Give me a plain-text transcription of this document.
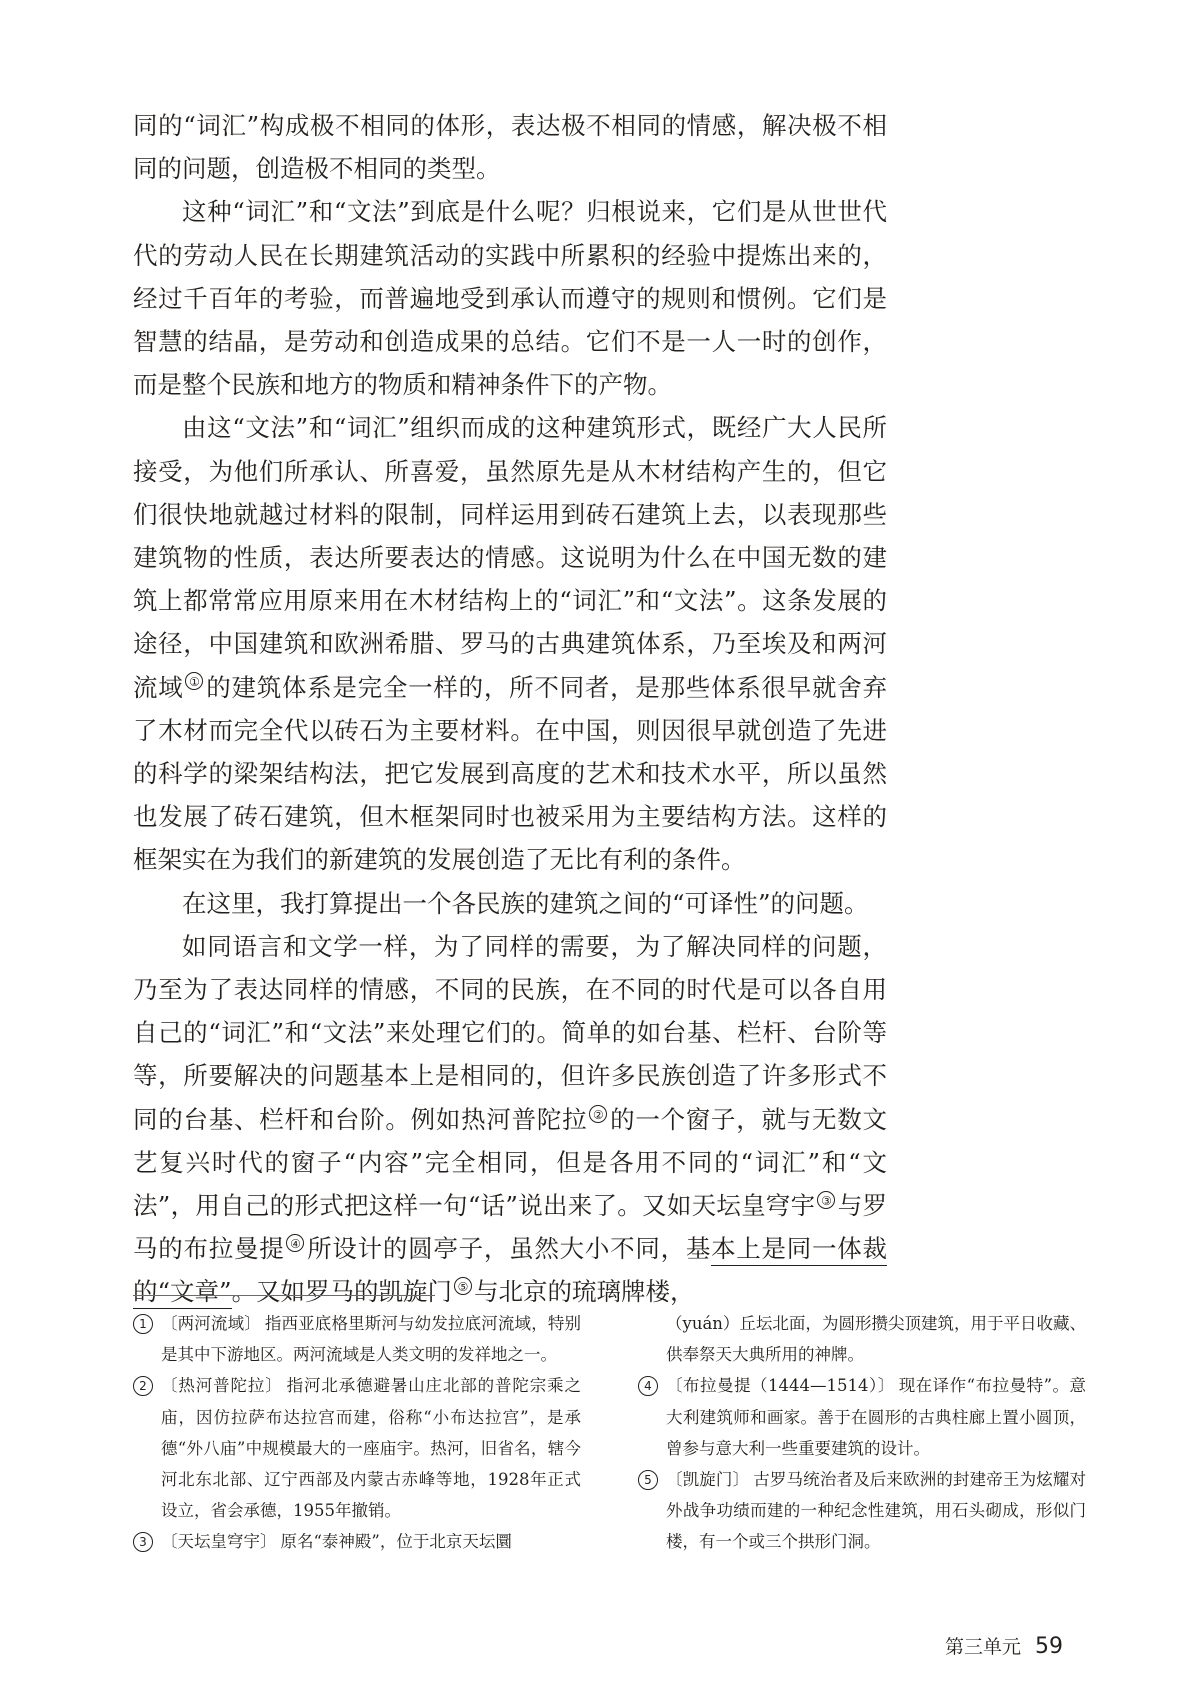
同的“词汇”构成极不相同的体形，表达极不相同的情感，解决极不相同的问题，创造极不相同的类型。

这种“词汇”和“文法”到底是什么呢？归根说来，它们是从世世代代的劳动人民在长期建筑活动的实践中所累积的经验中提炼出来的，经过千百年的考验，而普遍地受到承认而遵守的规则和惯例。它们是智慧的结晶，是劳动和创造成果的总结。它们不是一人一时的创作，而是整个民族和地方的物质和精神条件下的产物。

由这“文法”和“词汇”组织而成的这种建筑形式，既经广大人民所接受，为他们所承认、所喜爱，虽然原先是从木材结构产生的，但它们很快地就越过材料的限制，同样运用到砖石建筑上去，以表现那些建筑物的性质，表达所要表达的情感。这说明为什么在中国无数的建筑上都常常应用原来用在木材结构上的“词汇”和“文法”。这条发展的途径，中国建筑和欧洲希腊、罗马的古典建筑体系，乃至埃及和两河流域 ① 的建筑体系是完全一样的，所不同者，是那些体系很早就舍弃了木材而完全代以砖石为主要材料。在中国，则因很早就创造了先进的科学的梁架结构法，把它发展到高度的艺术和技术水平，所以虽然也发展了砖石建筑，但木框架同时也被采用为主要结构方法。这样的框架实在为我们的新建筑的发展创造了无比有利的条件。

在这里，我打算提出一个各民族的建筑之间的“可译性”的问题。

如同语言和文学一样，为了同样的需要，为了解决同样的问题，乃至为了表达同样的情感，不同的民族，在不同的时代是可以各自用自己的“词汇”和“文法”来处理它们的。简单的如台基、栏杆、台阶等等，所要解决的问题基本上是相同的，但许多民族创造了许多形式不同的台基、栏杆和台阶。例如热河普陀拉 ② 的一个窗子，就与无数文艺复兴时代的窗子“内容”完全相同，但是各用不同的“词汇”和“文法”，用自己的形式把这样一句“话”说出来了。又如天坛皇穹宇 ③ 与罗马的布拉曼提 ④ 所设计的圆亭子，虽然大小不同，基本上是同一体裁的“文章”。又如罗马的凯旋门 ⑤ 与北京的琉璃牌楼，

1 〔两河流域〕 指西亚底格里斯河与幼发拉底河流域，特别是其中下游地区。两河流域是人类文明的发祥地之一。

2 〔热河普陀拉〕 指河北承德避暑山庄北部的普陀宗乘之庙，因仿拉萨布达拉宫而建，俗称“小布达拉宫”，是承德“外八庙”中规模最大的一座庙宇。热河，旧省名，辖今河北东北部、辽宁西部及内蒙古赤峰等地，1928年正式设立，省会承德，1955年撤销。

3 〔天坛皇穹宇〕 原名“泰神殿”，位于北京天坛圜

（yuán）丘坛北面，为圆形攒尖顶建筑，用于平日收藏、供奉祭天大典所用的神牌。

4 〔布拉曼提（1444—1514）〕 现在译作“布拉曼特”。意大利建筑师和画家。善于在圆形的古典柱廊上置小圆顶，曾参与意大利一些重要建筑的设计。

5 〔凯旋门〕 古罗马统治者及后来欧洲的封建帝王为炫耀对外战争功绩而建的一种纪念性建筑，用石头砌成，形似门楼，有一个或三个拱形门洞。

第三单元 59
